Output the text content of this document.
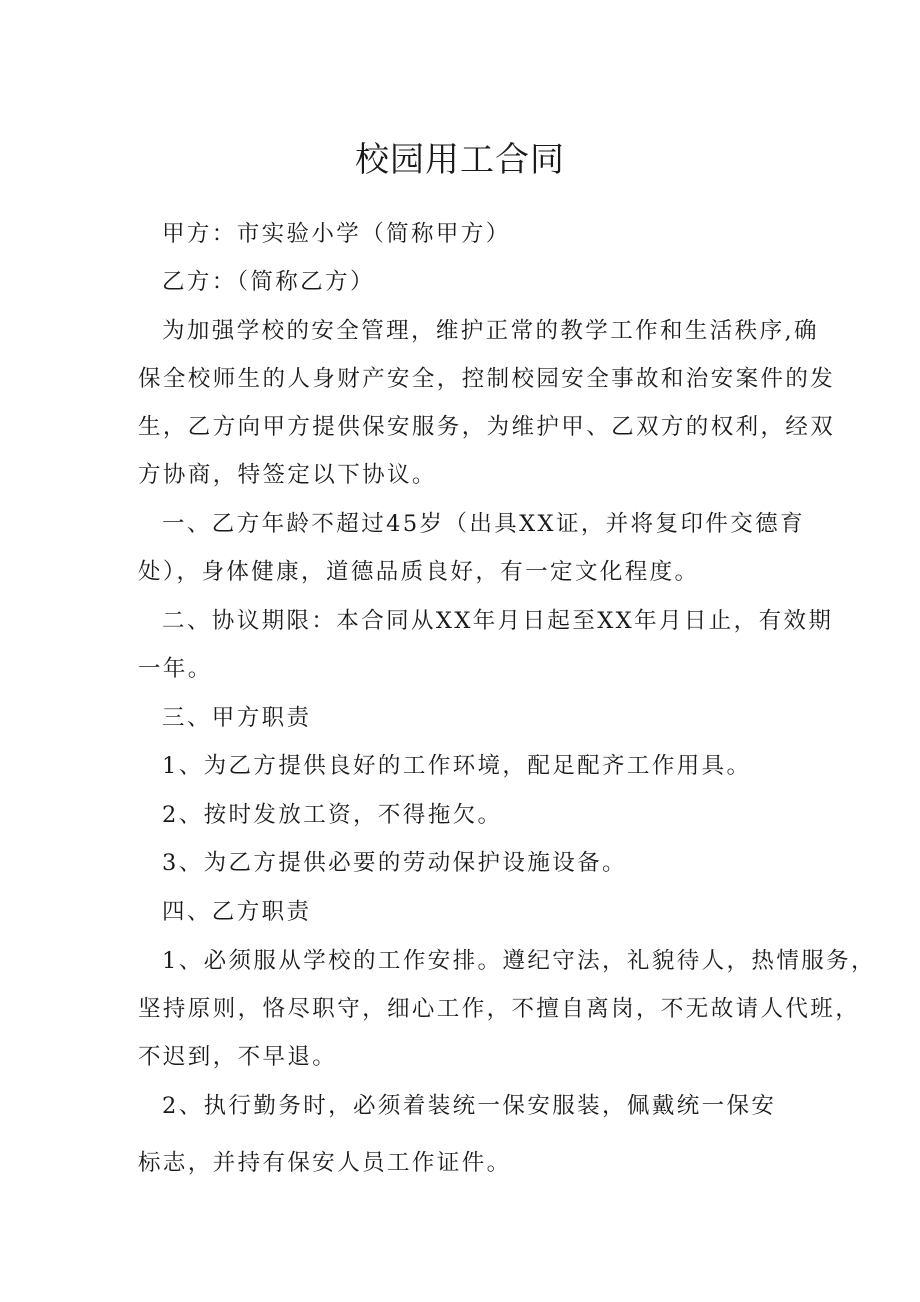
校园用工合同

甲方：市实验小学（简称甲方）

乙方：（简称乙方）

为加强学校的安全管理，维护正常的教学工作和生活秩序,确

保全校师生的人身财产安全，控制校园安全事故和治安案件的发

生，乙方向甲方提供保安服务，为维护甲、乙双方的权利，经双

方协商，特签定以下协议。

一、乙方年龄不超过45岁（出具XX证，并将复印件交德育

处），身体健康，道德品质良好，有一定文化程度。

二、协议期限：本合同从XX年月日起至XX年月日止，有效期

一年。

三、甲方职责

1、为乙方提供良好的工作环境，配足配齐工作用具。

2、按时发放工资，不得拖欠。

3、为乙方提供必要的劳动保护设施设备。

四、乙方职责

1、必须服从学校的工作安排。遵纪守法，礼貌待人，热情服务，

坚持原则，恪尽职守，细心工作，不擅自离岗，不无故请人代班，

不迟到，不早退。

2、执行勤务时，必须着装统一保安服装，佩戴统一保安

标志，并持有保安人员工作证件。
